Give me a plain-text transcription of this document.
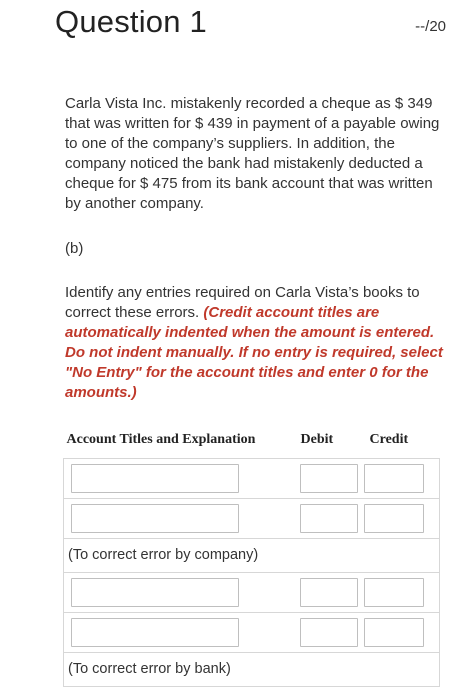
Question 1	--/20

Carla Vista Inc. mistakenly recorded a cheque as $ 349 that was written for $ 439 in payment of a payable owing to one of the company’s suppliers. In addition, the company noticed the bank had mistakenly deducted a cheque for $ 475 from its bank account that was written by another company.

(b)

Identify any entries required on Carla Vista’s books to correct these errors. (Credit account titles are automatically indented when the amount is entered. Do not indent manually. If no entry is required, select "No Entry" for the account titles and enter 0 for the amounts.)

Account Titles and Explanation	Debit	Credit

(To correct error by company)		

(To correct error by bank)		
